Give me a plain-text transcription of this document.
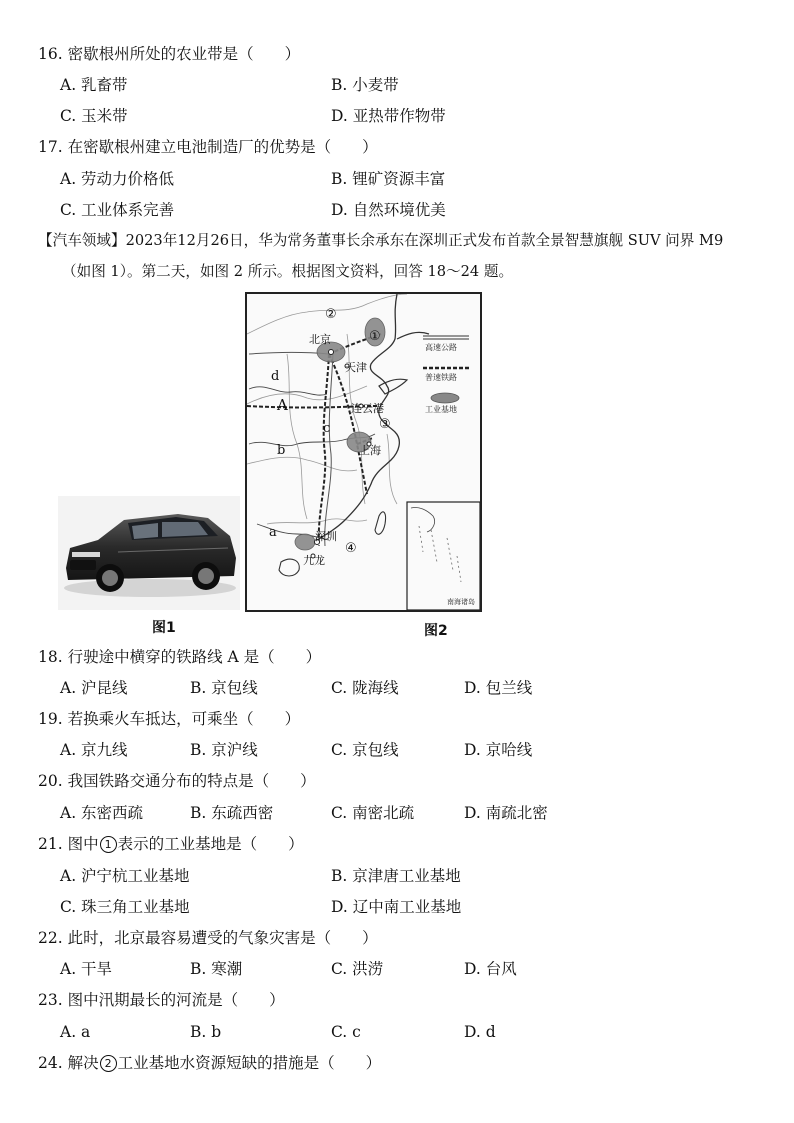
16. 密歇根州所处的农业带是（　　）
A. 乳畜带	B. 小麦带
C. 玉米带	D. 亚热带作物带
17. 在密歇根州建立电池制造厂的优势是（　　）
A. 劳动力价格低	B. 锂矿资源丰富
C. 工业体系完善	D. 自然环境优美
【汽车领域】2023年12月26日，华为常务董事长余承东在深圳正式发布首款全景智慧旗舰 SUV 问界 M9
（如图 1）。第二天，如图 2 所示。根据图文资料，回答 18～24 题。
图1
北京
天津
连云港
上海
深圳
九龙
①
②
③
④
A
a
b
c
d
高速公路
普速铁路
工业基地
南海诸岛
图2
18. 行驶途中横穿的铁路线 A 是（　　）
A. 沪昆线	B. 京包线	C. 陇海线	D. 包兰线
19. 若换乘火车抵达，可乘坐（　　）
A. 京九线	B. 京沪线	C. 京包线	D. 京哈线
20. 我国铁路交通分布的特点是（　　）
A. 东密西疏	B. 东疏西密	C. 南密北疏	D. 南疏北密
21. 图中 1 表示的工业基地是（　　）
A. 沪宁杭工业基地	B. 京津唐工业基地
C. 珠三角工业基地	D. 辽中南工业基地
22. 此时，北京最容易遭受的气象灾害是（　　）
A. 干旱	B. 寒潮	C. 洪涝	D. 台风
23. 图中汛期最长的河流是（　　）
A. a	B. b	C. c	D. d
24. 解决 2 工业基地水资源短缺的措施是（　　）
